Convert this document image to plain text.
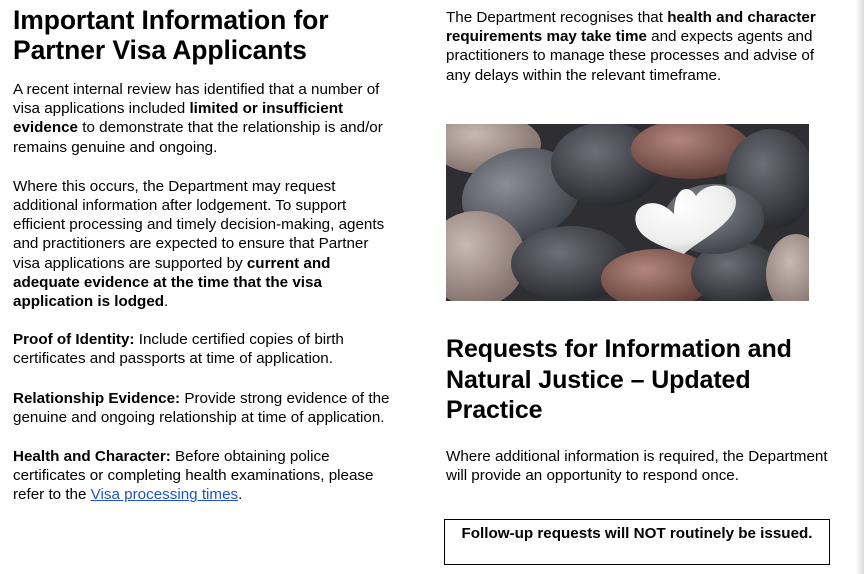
Important Information for Partner Visa Applicants

A recent internal review has identified that a number of visa applications included limited or insufficient evidence to demonstrate that the relationship is and/or remains genuine and ongoing.

Where this occurs, the Department may request additional information after lodgement. To support efficient processing and timely decision-making, agents and practitioners are expected to ensure that Partner visa applications are supported by current and adequate evidence at the time that the visa application is lodged.

Proof of Identity: Include certified copies of birth certificates and passports at time of application.

Relationship Evidence: Provide strong evidence of the genuine and ongoing relationship at time of application.

Health and Character: Before obtaining police certificates or completing health examinations, please refer to the Visa processing times.

The Department recognises that health and character requirements may take time and expects agents and practitioners to manage these processes and advise of any delays within the relevant timeframe.

Requests for Information and Natural Justice – Updated Practice

Where additional information is required, the Department will provide an opportunity to respond once.

Follow-up requests will NOT routinely be issued.
